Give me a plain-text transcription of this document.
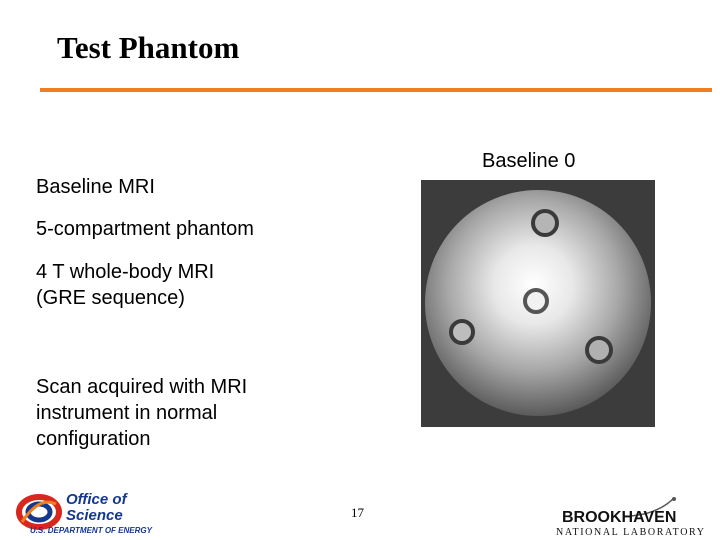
Test Phantom
Baseline MRI
5-compartment phantom
4 T whole-body MRI
(GRE sequence)
Scan acquired with MRI
instrument in normal
configuration
Baseline 0
17
Office of
Science
U.S. DEPARTMENT OF ENERGY
BROOKHAVEN
NATIONAL LABORATORY
